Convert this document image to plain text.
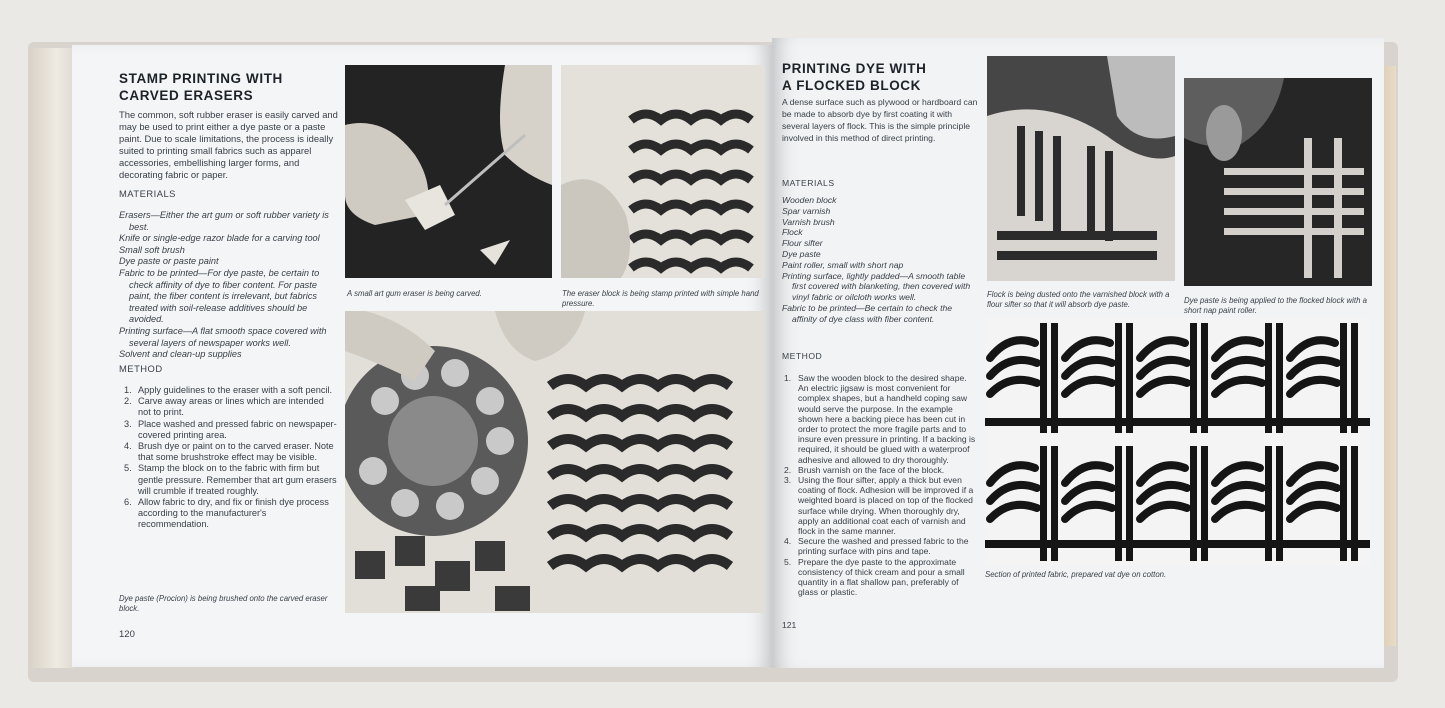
STAMP PRINTING WITH
CARVED ERASERS

The common, soft rubber eraser is easily carved and may be used to print either a dye paste or a paste paint. Due to scale limitations, the process is ideally suited to printing small fabrics such as apparel accessories, embellishing larger forms, and decorating fabric or paper.

MATERIALS

Erasers—Either the art gum or soft rubber variety is best.
Knife or single-edge razor blade for a carving tool
Small soft brush
Dye paste or paste paint
Fabric to be printed—For dye paste, be certain to check affinity of dye to fiber content. For paste paint, the fiber content is irrelevant, but fabrics treated with soil-release additives should be avoided.
Printing surface—A flat smooth space covered with several layers of newspaper works well.
Solvent and clean-up supplies

METHOD

1. Apply guidelines to the eraser with a soft pencil.
2. Carve away areas or lines which are intended not to print.
3. Place washed and pressed fabric on newspaper-covered printing area.
4. Brush dye or paint on to the carved eraser. Note that some brushstroke effect may be visible.
5. Stamp the block on to the fabric with firm but gentle pressure. Remember that art gum erasers will crumble if treated roughly.
6. Allow fabric to dry, and fix or finish dye process according to the manufacturer's recommendation.

Dye paste (Procion) is being brushed onto the carved eraser block.

120

A small art gum eraser is being carved.	The eraser block is being stamp printed with simple hand pressure.

PRINTING DYE WITH
A FLOCKED BLOCK

A dense surface such as plywood or hardboard can be made to absorb dye by first coating it with several layers of flock. This is the simple principle involved in this method of direct printing.

MATERIALS

Wooden block
Spar varnish
Varnish brush
Flock
Flour sifter
Dye paste
Paint roller, small with short nap
Printing surface, lightly padded—A smooth table first covered with blanketing, then covered with vinyl fabric or oilcloth works well.
Fabric to be printed—Be certain to check the affinity of dye class with fiber content.

METHOD

1. Saw the wooden block to the desired shape. An electric jigsaw is most convenient for complex shapes, but a handheld coping saw would serve the purpose. In the example shown here a backing piece has been cut in order to protect the more fragile parts and to insure even pressure in printing. If a backing is required, it should be glued with a waterproof adhesive and allowed to dry thoroughly.
2. Brush varnish on the face of the block.
3. Using the flour sifter, apply a thick but even coating of flock. Adhesion will be improved if a weighted board is placed on top of the flocked surface while drying. When thoroughly dry, apply an additional coat each of varnish and flock in the same manner.
4. Secure the washed and pressed fabric to the printing surface with pins and tape.
5. Prepare the dye paste to the approximate consistency of thick cream and pour a small quantity in a flat shallow pan, preferably of glass or plastic.
121

Flock is being dusted onto the varnished block with a flour sifter so that it will absorb dye paste.	Dye paste is being applied to the flocked block with a short nap paint roller.

Section of printed fabric, prepared vat dye on cotton.
